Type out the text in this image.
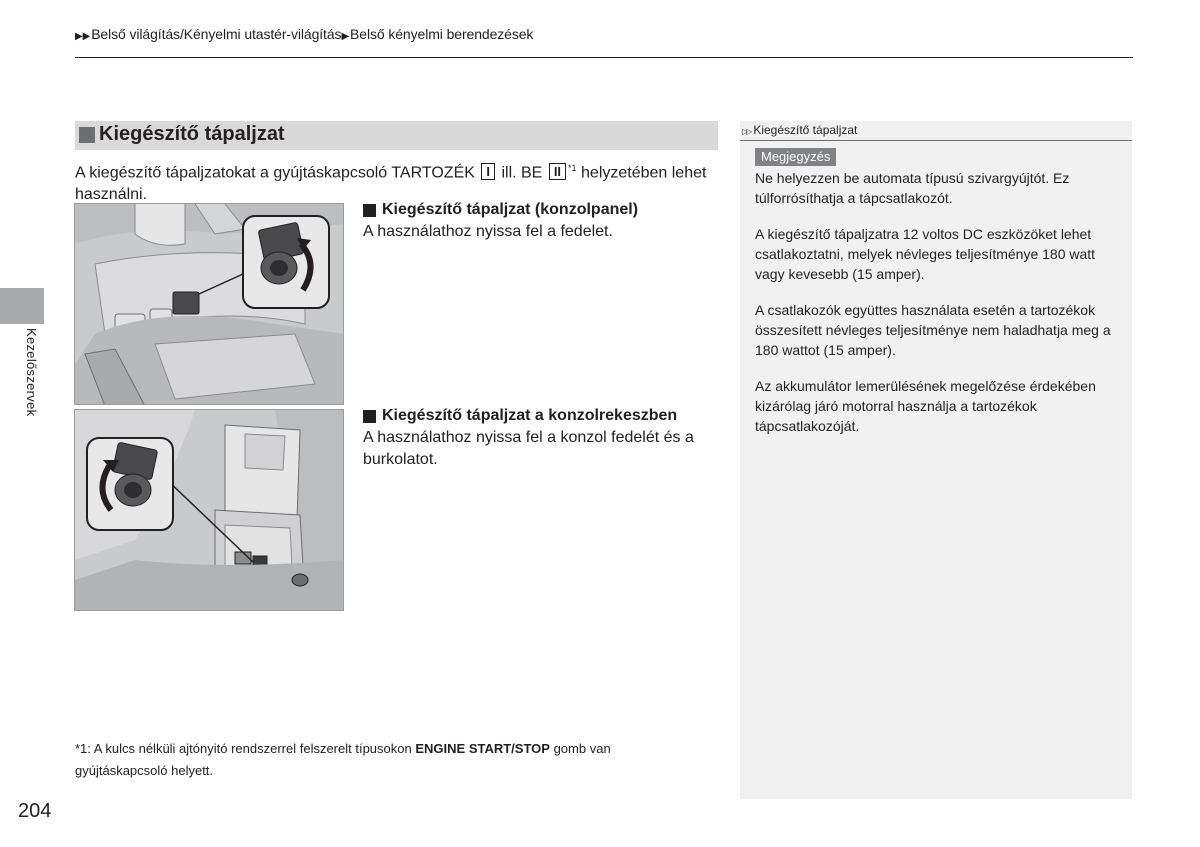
▶▶Belső világítás/Kényelmi utastér-világítás▶Belső kényelmi berendezések
Kezelőszervek
Kiegészítő tápaljzat
A kiegészítő tápaljzatokat a gyújtáskapcsoló TARTOZÉK I ill. BE II $^{*1}$ helyzetében lehet használni.
Kiegészítő tápaljzat (konzolpanel)
A használathoz nyissa fel a fedelet.
Kiegészítő tápaljzat a konzolrekeszben
A használathoz nyissa fel a konzol fedelét és a burkolatot.
*1: A kulcs nélküli ajtónyitó rendszerrel felszerelt típusokon ENGINE START/STOP gomb van gyújtáskapcsoló helyett.
204
▷▷ Kiegészítő tápaljzat
Megjegyzés

Ne helyezzen be automata típusú szivargyújtót. Ez túlforrósíthatja a tápcsatlakozót.

A kiegészítő tápaljzatra 12 voltos DC eszközöket lehet csatlakoztatni, melyek névleges teljesítménye 180 watt vagy kevesebb (15 amper).

A csatlakozók együttes használata esetén a tartozékok összesített névleges teljesítménye nem haladhatja meg a 180 wattot (15 amper).

Az akkumulátor lemerülésének megelőzése érdekében kizárólag járó motorral használja a tartozékok tápcsatlakozóját.
